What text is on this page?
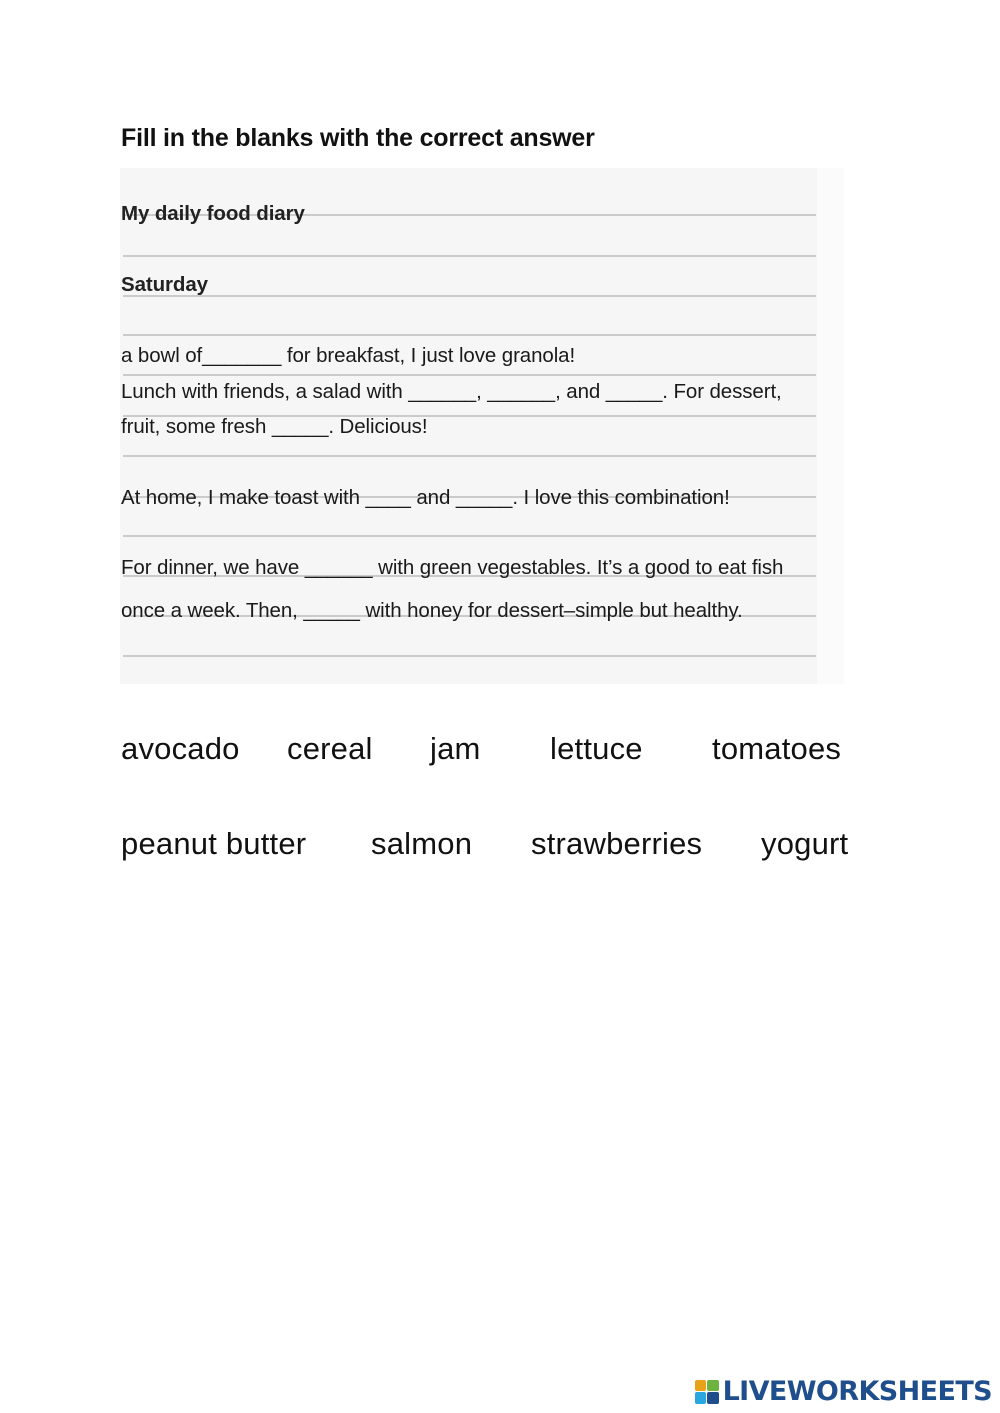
Fill in the blanks with the correct answer
My daily food diary
Saturday
a bowl of_______ for breakfast, I just love granola!
Lunch with friends, a salad with ______, ______, and _____. For dessert,
fruit, some fresh _____. Delicious!
At home, I make toast with ____ and _____. I love this combination!
For dinner, we have ______ with green vegestables. It’s a good to eat fish
once a week. Then, _____ with honey for dessert–simple but healthy.
avocado cereal jam lettuce tomatoes
peanut butter salmon strawberries yogurt
LIVEWORKSHEETS
